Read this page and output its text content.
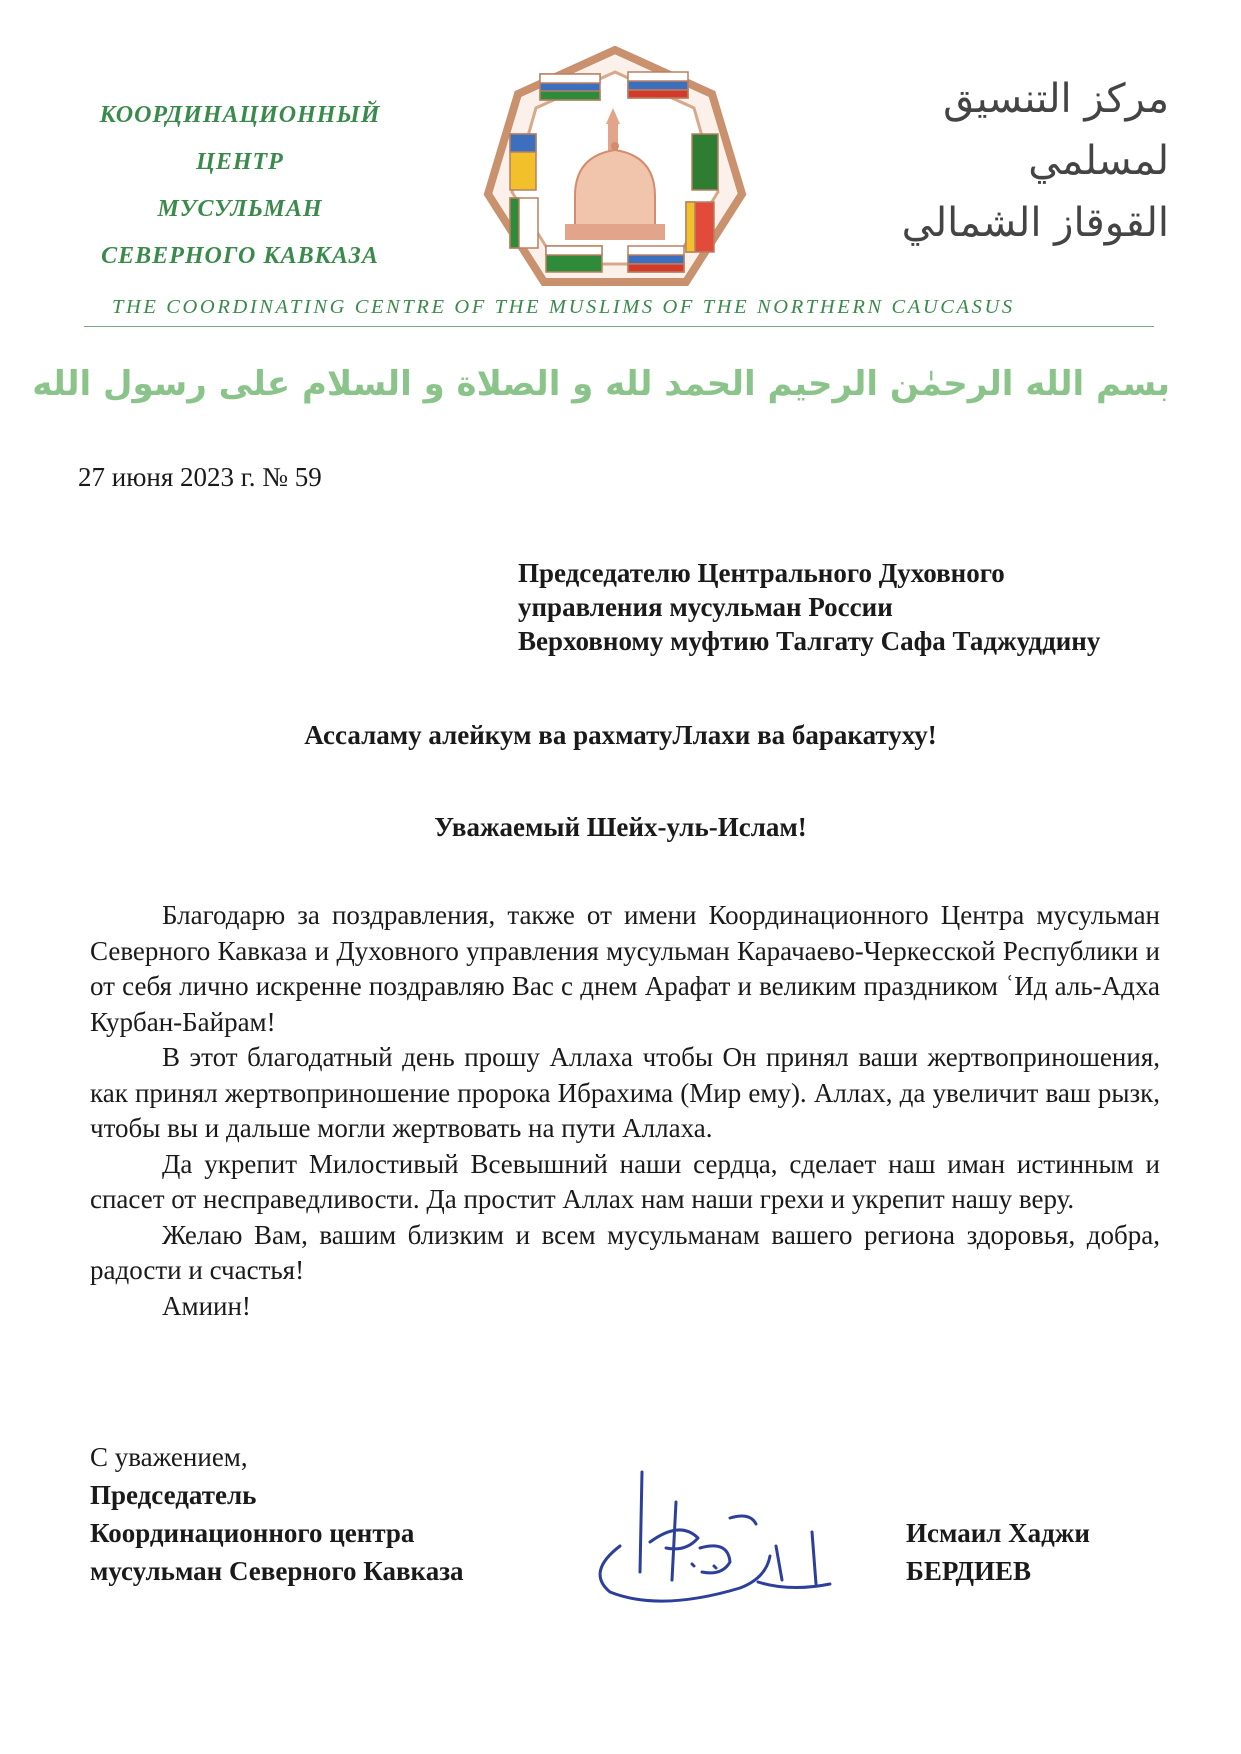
КООРДИНАЦИОННЫЙ
ЦЕНТР
МУСУЛЬМАН
СЕВЕРНОГО КАВКАЗА
مركز التنسيق
لمسلمي
القوقاز الشمالي
THE COORDINATING CENTRE OF THE MUSLIMS OF THE NORTHERN CAUCASUS
بسم الله الرحمٰن الرحيم الحمد لله و الصلاة و السلام على رسول الله
27 июня 2023 г. № 59
Председателю Центрального Духовного
управления мусульман России
Верховному муфтию Талгату Сафа Таджуддину
Ассаламу алейкум ва рахматуЛлахи ва баракатуху!
Уважаемый Шейх-уль-Ислам!

Благодарю за поздравления, также от имени Координационного Центра мусульман Северного Кавказа и Духовного управления мусульман Карачаево-Черкесской Республики и от себя лично искренне поздравляю Вас с днем Арафат и великим праздником ʿИд аль-Адха Курбан-Байрам!

В этот благодатный день прошу Аллаха чтобы Он принял ваши жертвоприношения, как принял жертвоприношение пророка Ибрахима (Мир ему). Аллах, да увеличит ваш рызк, чтобы вы и дальше могли жертвовать на пути Аллаха.

Да укрепит Милостивый Всевышний наши сердца, сделает наш иман истинным и спасет от несправедливости. Да простит Аллах нам наши грехи и укрепит нашу веру.

Желаю Вам, вашим близким и всем мусульманам вашего региона здоровья, добра, радости и счастья!

Амиин!

С уважением,
Председатель
Координационного центра
мусульман Северного Кавказа
Исмаил Хаджи
БЕРДИЕВ
